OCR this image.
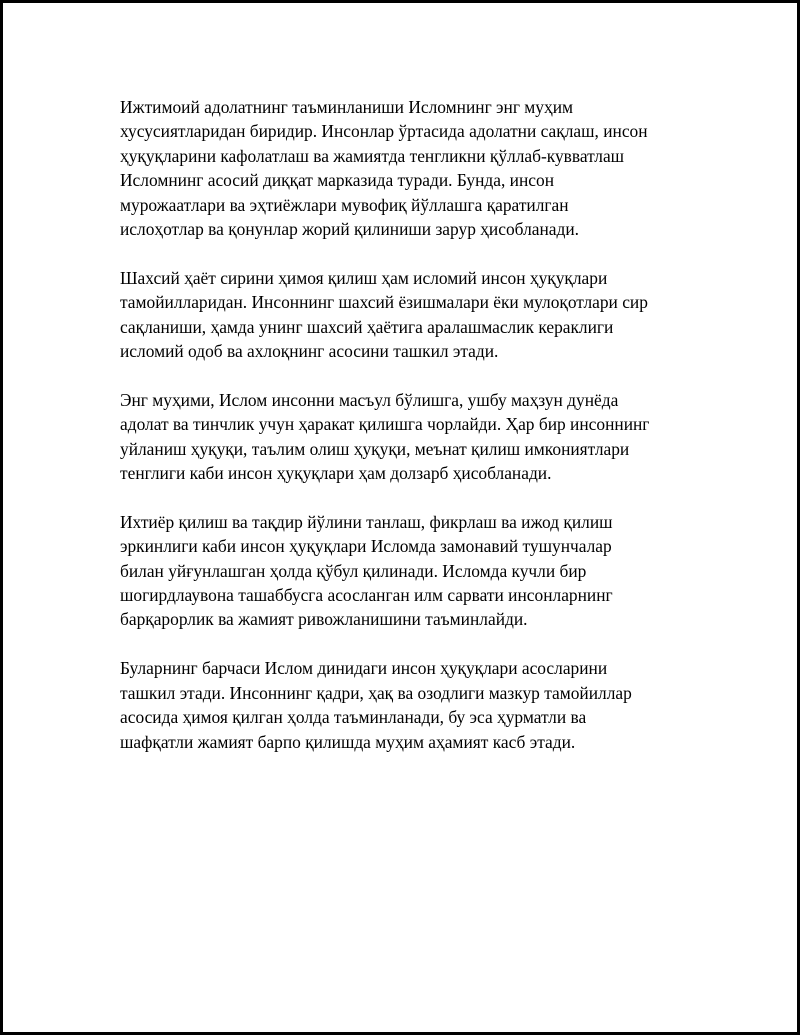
Ижтимоий адолатнинг таъминланиши Исломнинг энг муҳим
хусусиятларидан биридир. Инсонлар ўртасида адолатни сақлаш, инсон
ҳуқуқларини кафолатлаш ва жамиятда тенгликни қўллаб-кувватлаш
Исломнинг асосий диққат марказида туради. Бунда, инсон
мурожаатлари ва эҳтиёжлари мувофиқ йўллашга қаратилган
ислоҳотлар ва қонунлар жорий қилиниши зарур ҳисобланади.

Шахсий ҳаёт сирини ҳимоя қилиш ҳам исломий инсон ҳуқуқлари
тамойилларидан. Инсоннинг шахсий ёзишмалари ёки мулоқотлари сир
сақланиши, ҳамда унинг шахсий ҳаётига аралашмаслик кераклиги
исломий одоб ва ахлоқнинг асосини ташкил этади.

Энг муҳими, Ислом инсонни масъул бўлишга, ушбу маҳзун дунёда
адолат ва тинчлик учун ҳаракат қилишга чорлайди. Ҳар бир инсоннинг
уйланиш ҳуқуқи, таълим олиш ҳуқуқи, меънат қилиш имкониятлари
тенглиги каби инсон ҳуқуқлари ҳам долзарб ҳисобланади.

Ихтиёр қилиш ва тақдир йўлини танлаш, фикрлаш ва ижод қилиш
эркинлиги каби инсон ҳуқуқлари Исломда замонавий тушунчалар
билан уйғунлашган ҳолда қўбул қилинади. Исломда кучли бир
шогирдлаувона ташаббусга асосланган илм сарвати инсонларнинг
барқарорлик ва жамият ривожланишини таъминлайди.

Буларнинг барчаси Ислом динидаги инсон ҳуқуқлари асосларини
ташкил этади. Инсоннинг қадри, ҳақ ва озодлиги мазкур тамойиллар
асосида ҳимоя қилган ҳолда таъминланади, бу эса ҳурматли ва
шафқатли жамият барпо қилишда муҳим аҳамият касб этади.
